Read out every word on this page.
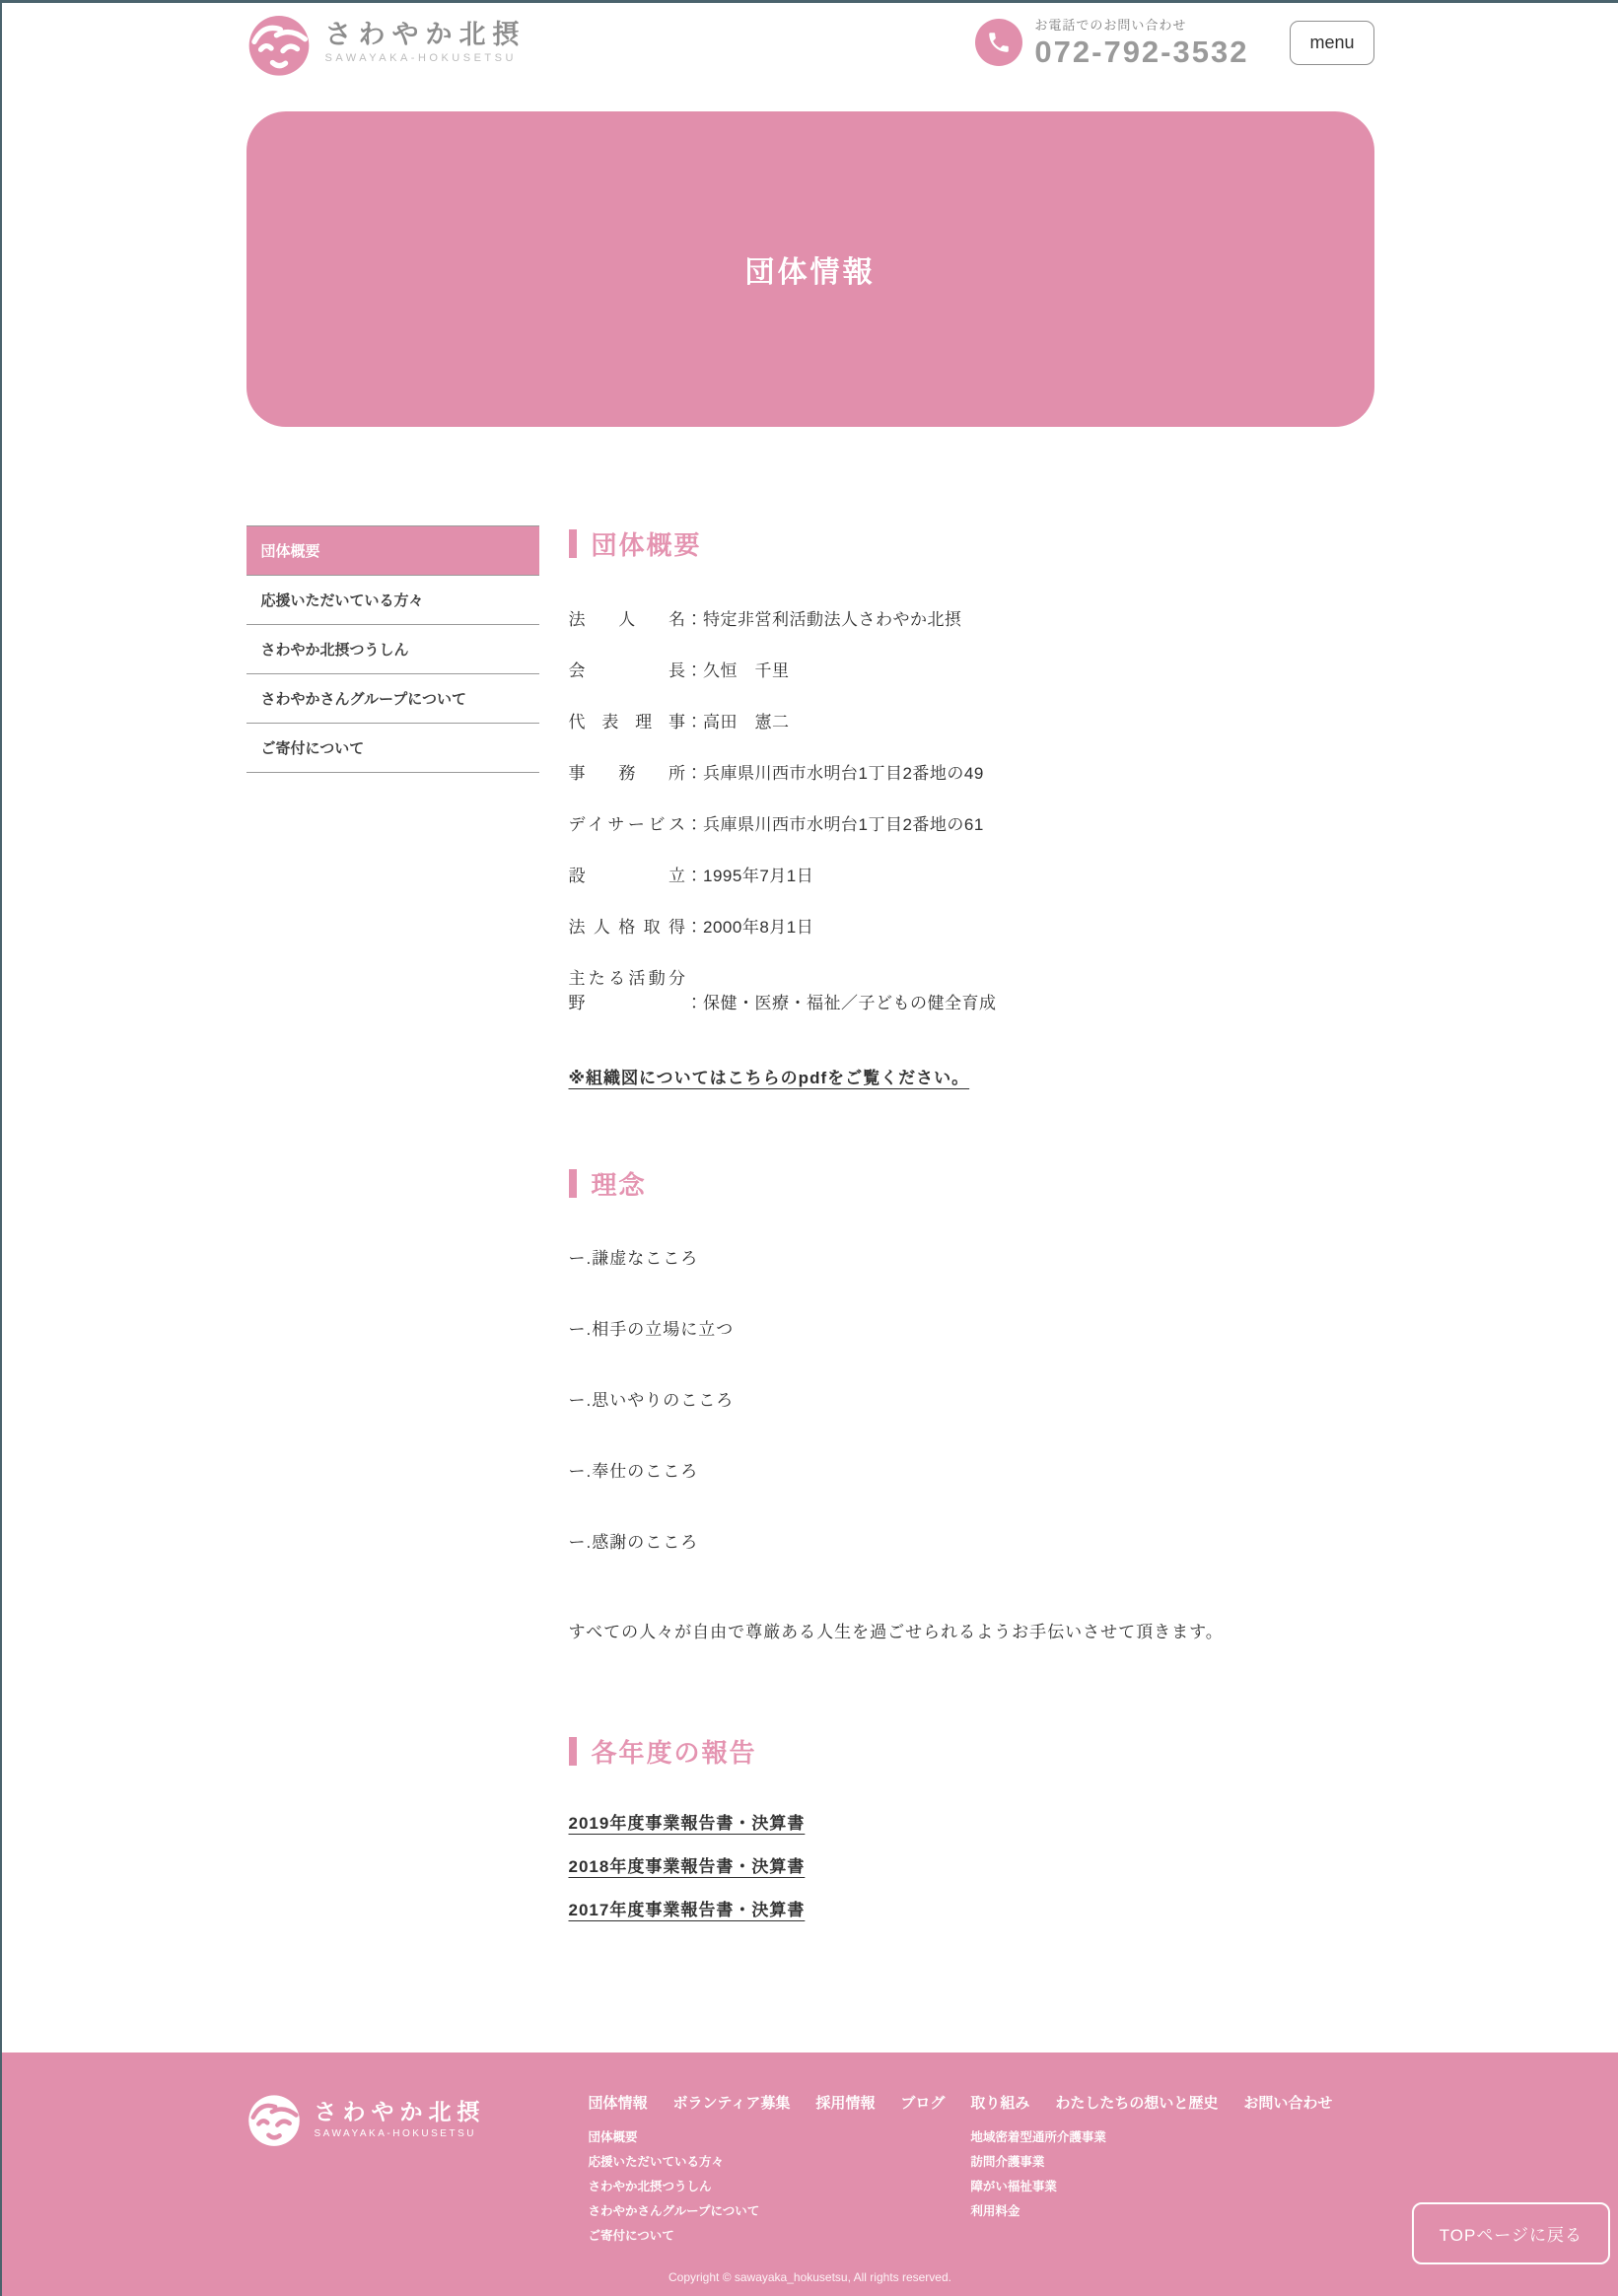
さわやか北摂
SAWAYAKA-HOKUSETSU
お電話でのお問い合わせ
072-792-3532	menu
団体情報
団体概要
応援いただいている方々
さわやか北摂つうしん
さわやかさんグループについて
ご寄付について
団体概要

法人名：特定非営利活動法人さわやか北摂

会長：久恒　千里

代表理事：高田　憲二

事務所：兵庫県川西市水明台1丁目2番地の49

デイサービス：兵庫県川西市水明台1丁目2番地の61

設立：1995年7月1日

法人格取得：2000年8月1日

主たる活動分野	：保健・医療・福祉／子どもの健全育成

※組織図についてはこちらのpdfをご覧ください。
理念

ー.謙虚なこころ

ー.相手の立場に立つ

ー.思いやりのこころ

ー.奉仕のこころ

ー.感謝のこころ

すべての人々が自由で尊厳ある人生を過ごせられるようお手伝いさせて頂きます。

各年度の報告
2019年度事業報告書・決算書
2018年度事業報告書・決算書
2017年度事業報告書・決算書
さわやか北摂
SAWAYAKA-HOKUSETSU
団体情報
団体概要
応援いただいている方々
さわやか北摂つうしん
さわやかさんグループについて
ご寄付について
ボランティア募集 採用情報 ブログ 取り組み
地域密着型通所介護事業
訪問介護事業
障がい福祉事業
利用料金
わたしたちの想いと歴史 お問い合わせ
Copyright © sawayaka_hokusetsu, All rights reserved.
TOPページに戻る
